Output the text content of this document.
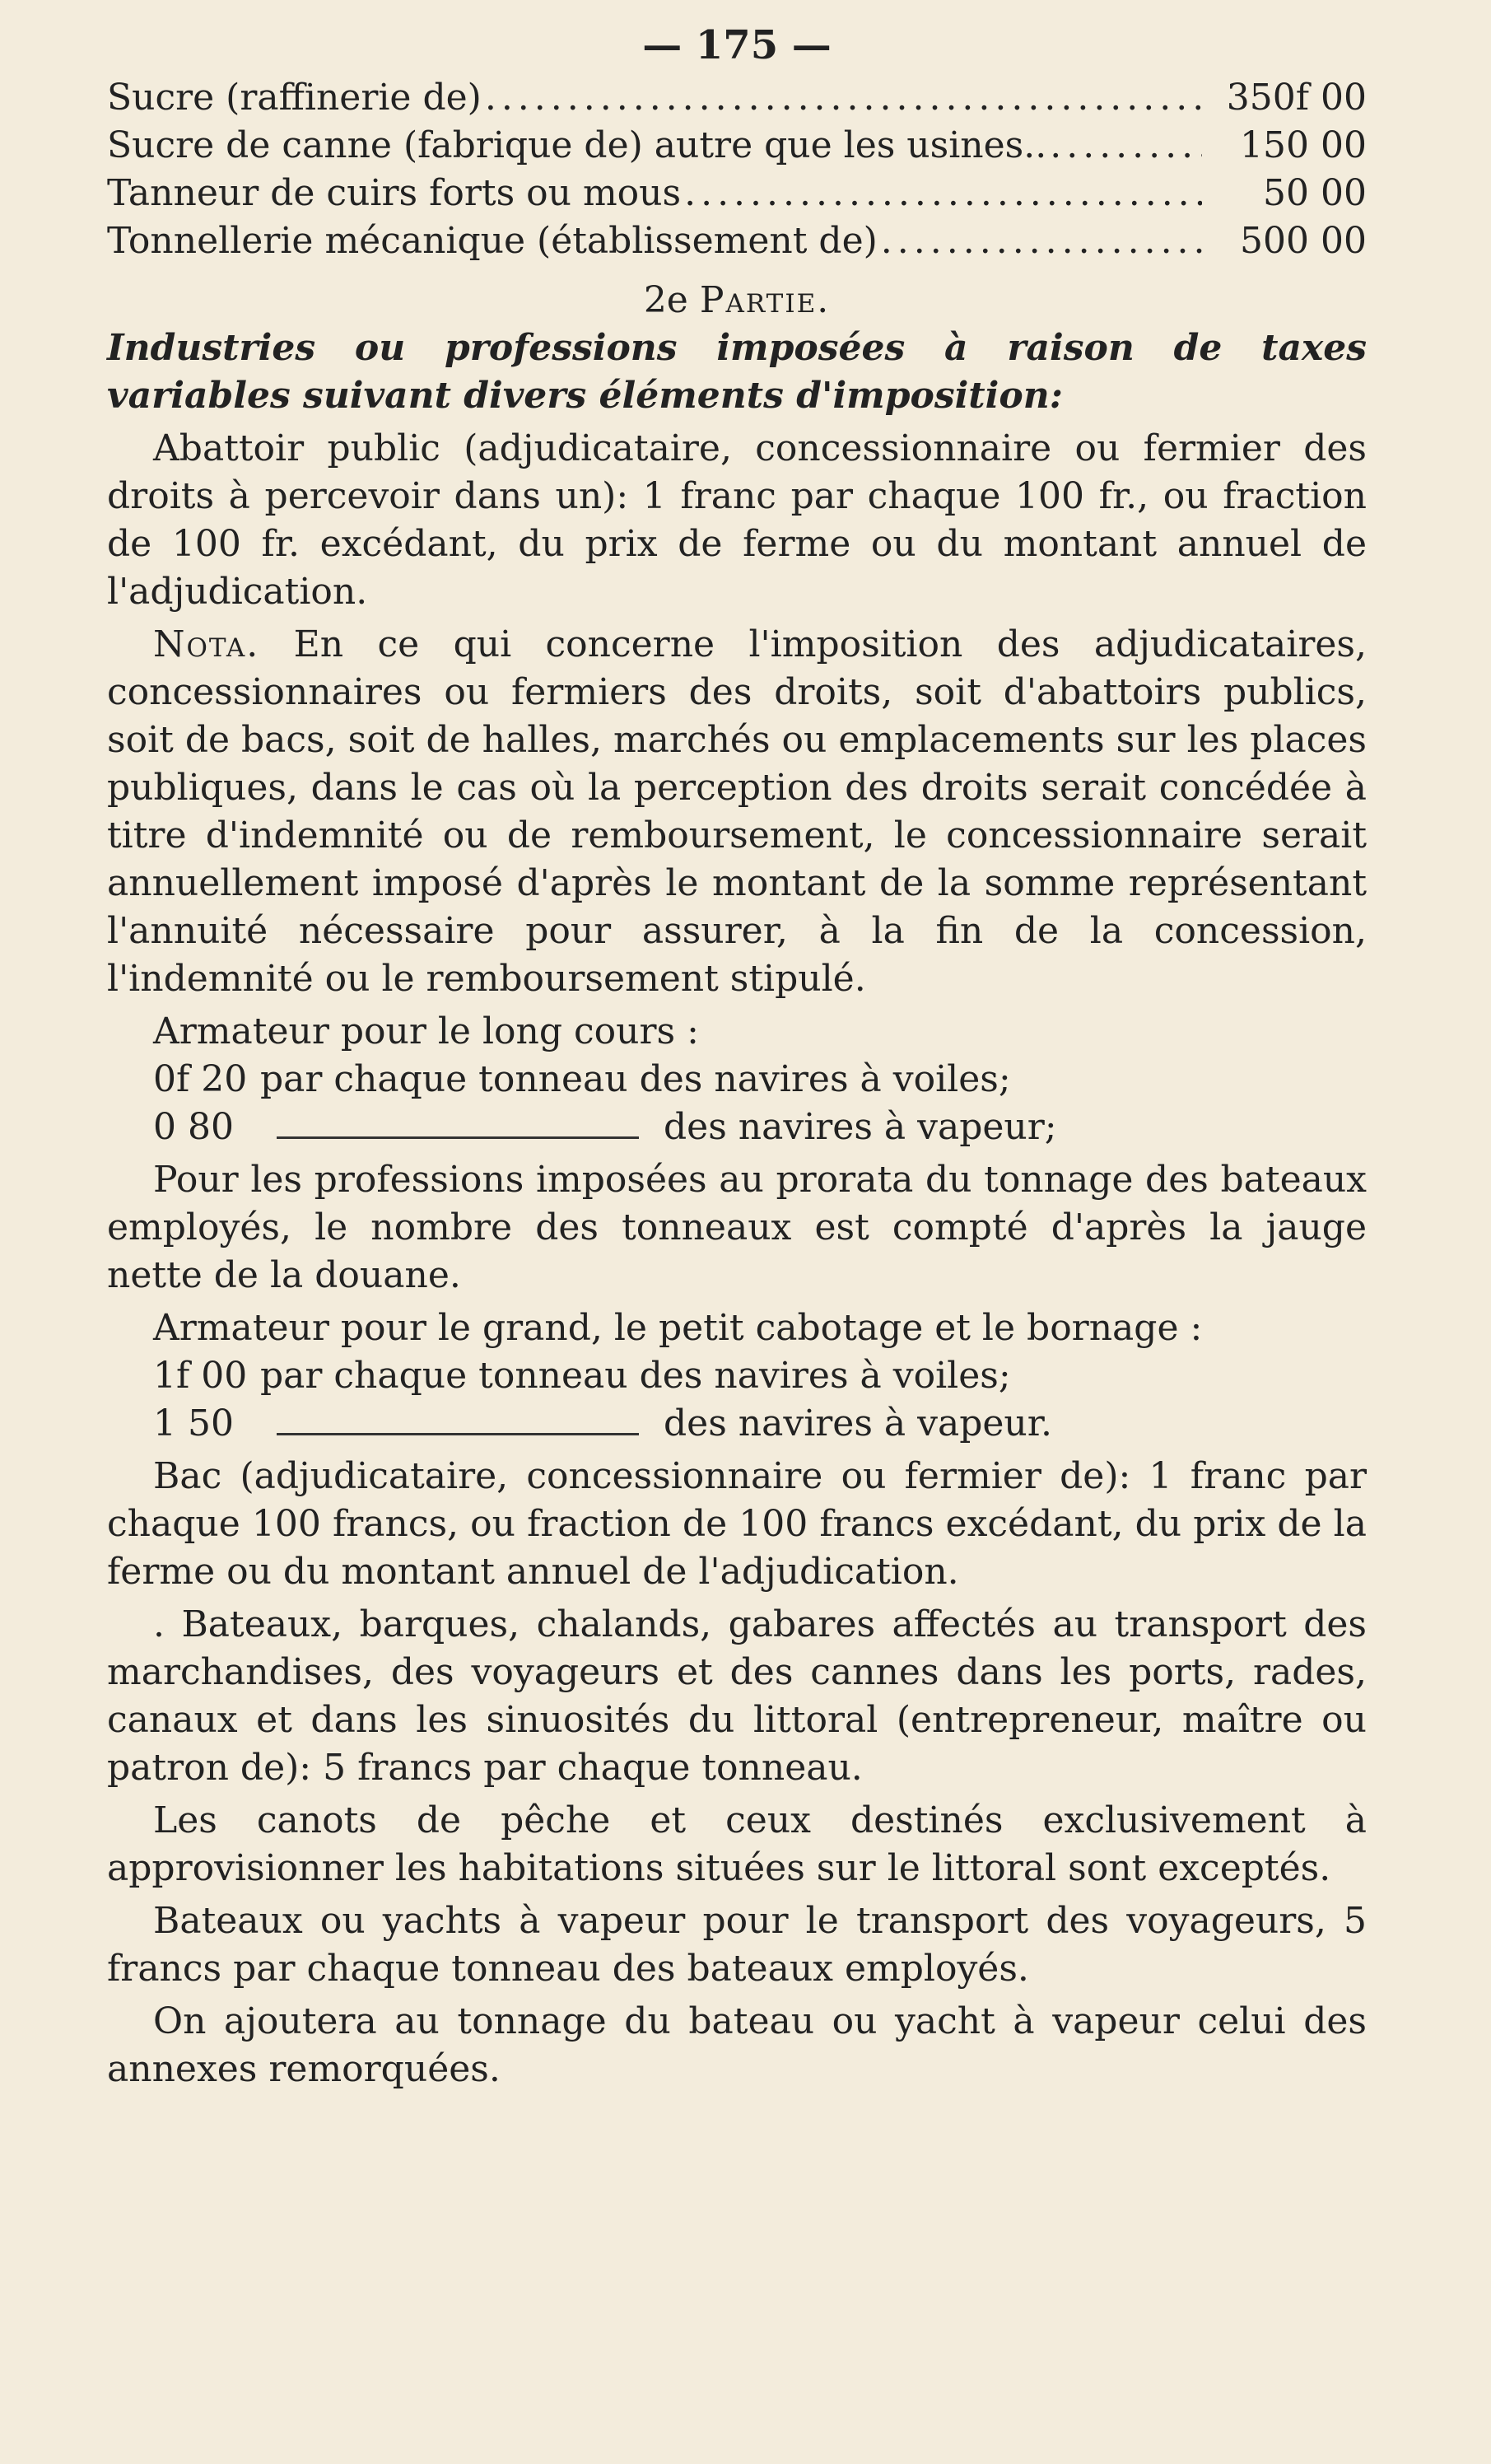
— 175 —
Sucre (raffinerie de) .....	350f 00
Sucre de canne (fabrique de) autre que les usines.. .....	150 00
Tanneur de cuirs forts ou mous .....	50 00
Tonnellerie mécanique (établissement de) .....	500 00
2e Partie.
Industries ou professions imposées à raison de taxes variables suivant divers éléments d'imposition:
Abattoir public (adjudicataire, concessionnaire ou fermier des droits à percevoir dans un): 1 franc par chaque 100 fr., ou fraction de 100 fr. excédant, du prix de ferme ou du montant annuel de l'adjudication.
Nota. En ce qui concerne l'imposition des adjudicataires, concessionnaires ou fermiers des droits, soit d'abattoirs publics, soit de bacs, soit de halles, marchés ou emplacements sur les places publiques, dans le cas où la perception des droits serait concédée à titre d'indemnité ou de remboursement, le concessionnaire serait annuellement imposé d'après le montant de la somme représentant l'annuité nécessaire pour assurer, à la fin de la concession, l'indemnité ou le remboursement stipulé.
Armateur pour le long cours :
0f 20 par chaque tonneau des navires à voiles;
0 80	des navires à vapeur;
Pour les professions imposées au prorata du tonnage des bateaux employés, le nombre des tonneaux est compté d'après la jauge nette de la douane.
Armateur pour le grand, le petit cabotage et le bornage :
1f 00 par chaque tonneau des navires à voiles;
1 50	des navires à vapeur.
Bac (adjudicataire, concessionnaire ou fermier de): 1 franc par chaque 100 francs, ou fraction de 100 francs excédant, du prix de la ferme ou du montant annuel de l'adjudication.
. Bateaux, barques, chalands, gabares affectés au transport des marchandises, des voyageurs et des cannes dans les ports, rades, canaux et dans les sinuosités du littoral (entrepreneur, maître ou patron de): 5 francs par chaque tonneau.
Les canots de pêche et ceux destinés exclusivement à approvisionner les habitations situées sur le littoral sont exceptés.
Bateaux ou yachts à vapeur pour le transport des voyageurs, 5 francs par chaque tonneau des bateaux employés.
On ajoutera au tonnage du bateau ou yacht à vapeur celui des annexes remorquées.
